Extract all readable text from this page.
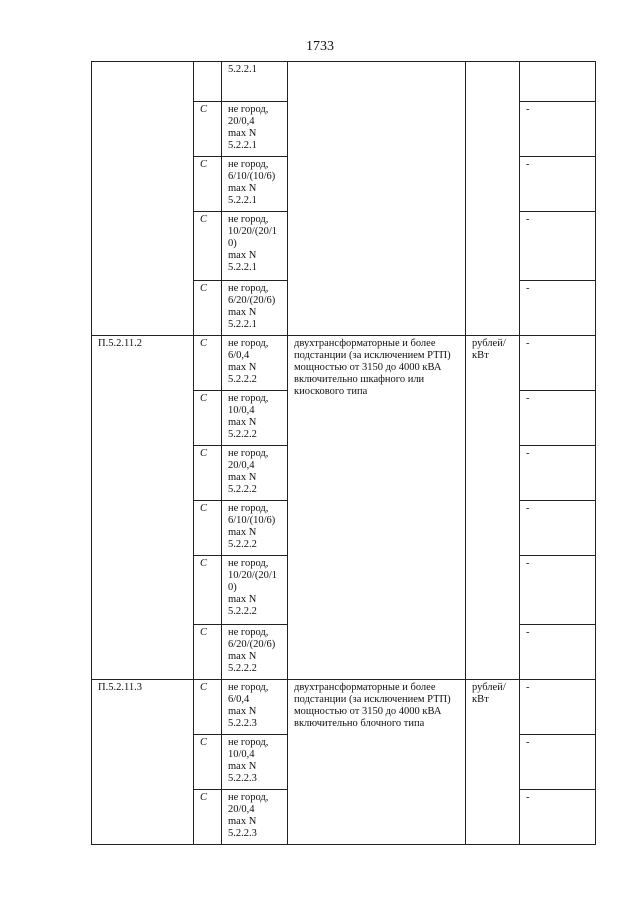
1733
		5.2.2.1			
	С	не город,
20/0,4
max N
5.2.2.1			-
	С	не город,
6/10/(10/6)
max N
5.2.2.1			-
	С	не город,
10/20/(20/1
0)
max N
5.2.2.1			-
	С	не город,
6/20/(20/6)
max N
5.2.2.1			-
П.5.2.11.2	С	не город,
6/0,4
max N
5.2.2.2	двухтрансформаторные и более подстанции (за исключением РТП) мощностью от 3150 до 4000 кВА включительно шкафного или киоскового типа	рублей/
кВт	-
	С	не город,
10/0,4
max N
5.2.2.2			-
	С	не город,
20/0,4
max N
5.2.2.2			-
	С	не город,
6/10/(10/6)
max N
5.2.2.2			-
	С	не город,
10/20/(20/1
0)
max N
5.2.2.2			-
	С	не город,
6/20/(20/6)
max N
5.2.2.2			-
П.5.2.11.3	С	не город,
6/0,4
max N
5.2.2.3	двухтрансформаторные и более подстанции (за исключением РТП) мощностью от 3150 до 4000 кВА включительно блочного типа	рублей/
кВт	-
	С	не город,
10/0,4
max N
5.2.2.3			-
	С	не город,
20/0,4
max N
5.2.2.3			-
